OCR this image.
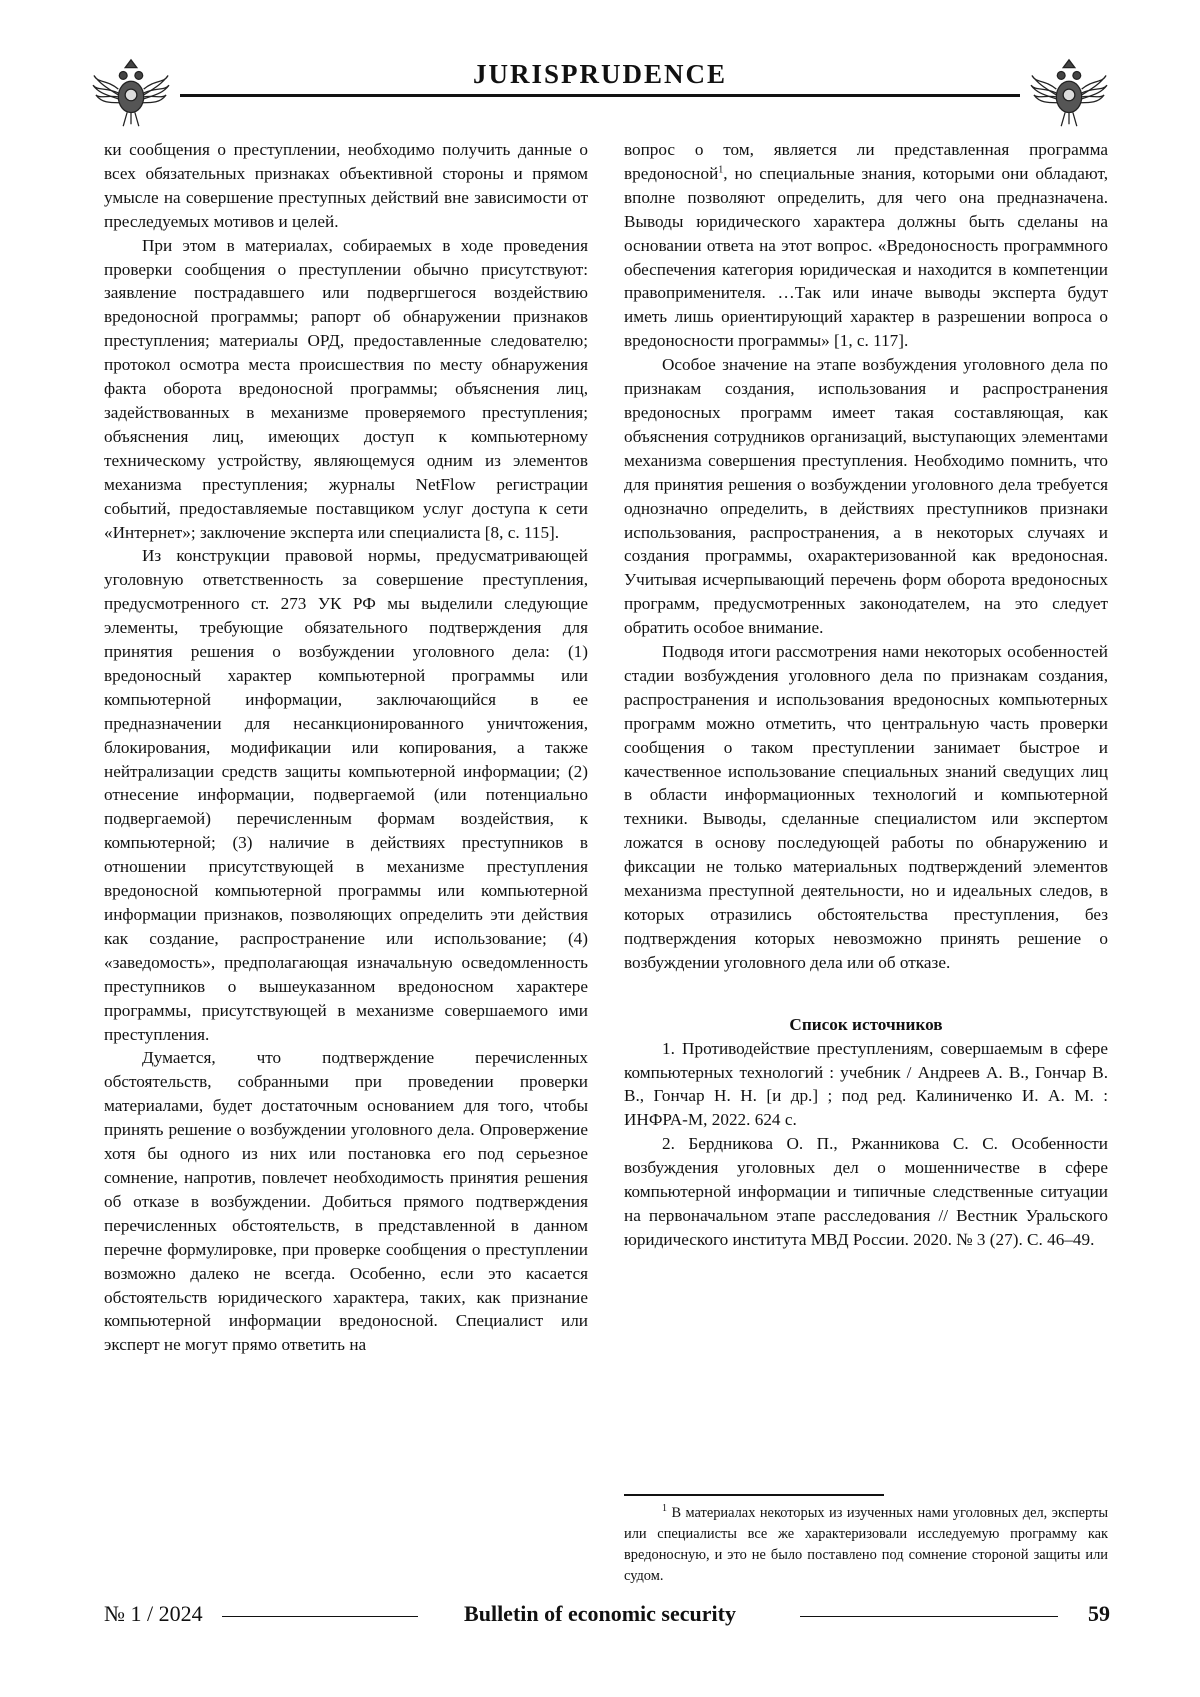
JURISPRUDENCE

ки сообщения о преступлении, необходимо получить данные о всех обязательных признаках объективной стороны и прямом умысле на совершение преступных действий вне зависимости от преследуемых мотивов и целей.

При этом в материалах, собираемых в ходе проведения проверки сообщения о преступлении обычно присутствуют: заявление пострадавшего или подвергшегося воздействию вредоносной программы; рапорт об обнаружении признаков преступления; материалы ОРД, предоставленные следователю; протокол осмотра места происшествия по месту обнаружения факта оборота вредоносной программы; объяснения лиц, задействованных в механизме проверяемого преступления; объяснения лиц, имеющих доступ к компьютерному техническому устройству, являющемуся одним из элементов механизма преступления; журналы NetFlow регистрации событий, предоставляемые поставщиком услуг доступа к сети «Интернет»; заключение эксперта или специалиста [8, с. 115].

Из конструкции правовой нормы, предусматривающей уголовную ответственность за совершение преступления, предусмотренного ст. 273 УК РФ мы выделили следующие элементы, требующие обязательного подтверждения для принятия решения о возбуждении уголовного дела: (1) вредоносный характер компьютерной программы или компьютерной информации, заключающийся в ее предназначении для несанкционированного уничтожения, блокирования, модификации или копирования, а также нейтрализации средств защиты компьютерной информации; (2) отнесение информации, подвергаемой (или потенциально подвергаемой) перечисленным формам воздействия, к компьютерной; (3) наличие в действиях преступников в отношении присутствующей в механизме преступления вредоносной компьютерной программы или компьютерной информации признаков, позволяющих определить эти действия как создание, распространение или использование; (4) «заведомость», предполагающая изначальную осведомленность преступников о вышеуказанном вредоносном характере программы, присутствующей в механизме совершаемого ими преступления.

Думается, что подтверждение перечисленных обстоятельств, собранными при проведении проверки материалами, будет достаточным основанием для того, чтобы принять решение о возбуждении уголовного дела. Опровержение хотя бы одного из них или постановка его под серьезное сомнение, напротив, повлечет необходимость принятия решения об отказе в возбуждении. Добиться прямого подтверждения перечисленных обстоятельств, в представленной в данном перечне формулировке, при проверке сообщения о преступлении возможно далеко не всегда. Особенно, если это касается обстоятельств юридического характера, таких, как признание компьютерной информации вредоносной. Специалист или эксперт не могут прямо ответить на

вопрос о том, является ли представленная программа вредоносной$^1$, но специальные знания, которыми они обладают, вполне позволяют определить, для чего она предназначена. Выводы юридического характера должны быть сделаны на основании ответа на этот вопрос. «Вредоносность программного обеспечения категория юридическая и находится в компетенции правоприменителя. …Так или иначе выводы эксперта будут иметь лишь ориентирующий характер в разрешении вопроса о вредоносности программы» [1, с. 117].

Особое значение на этапе возбуждения уголовного дела по признакам создания, использования и распространения вредоносных программ имеет такая составляющая, как объяснения сотрудников организаций, выступающих элементами механизма совершения преступления. Необходимо помнить, что для принятия решения о возбуждении уголовного дела требуется однозначно определить, в действиях преступников признаки использования, распространения, а в некоторых случаях и создания программы, охарактеризованной как вредоносная. Учитывая исчерпывающий перечень форм оборота вредоносных программ, предусмотренных законодателем, на это следует обратить особое внимание.

Подводя итоги рассмотрения нами некоторых особенностей стадии возбуждения уголовного дела по признакам создания, распространения и использования вредоносных компьютерных программ можно отметить, что центральную часть проверки сообщения о таком преступлении занимает быстрое и качественное использование специальных знаний сведущих лиц в области информационных технологий и компьютерной техники. Выводы, сделанные специалистом или экспертом ложатся в основу последующей работы по обнаружению и фиксации не только материальных подтверждений элементов механизма преступной деятельности, но и идеальных следов, в которых отразились обстоятельства преступления, без подтверждения которых невозможно принять решение о возбуждении уголовного дела или об отказе.

Список источников

1. Противодействие преступлениям, совершаемым в сфере компьютерных технологий : учебник / Андреев А. В., Гончар В. В., Гончар Н. Н. [и др.] ; под ред. Калиниченко И. А. М. : ИНФРА-М, 2022. 624 с.

2. Бердникова О. П., Ржанникова С. С. Особенности возбуждения уголовных дел о мошенничестве в сфере компьютерной информации и типичные следственные ситуации на первоначальном этапе расследования // Вестник Уральского юридического института МВД России. 2020. № 3 (27). С. 46–49.

$^1$ В материалах некоторых из изученных нами уголовных дел, эксперты или специалисты все же характеризовали исследуемую программу как вредоносную, и это не было поставлено под сомнение стороной защиты или судом.

№ 1 / 2024	Bulletin of economic security	59
